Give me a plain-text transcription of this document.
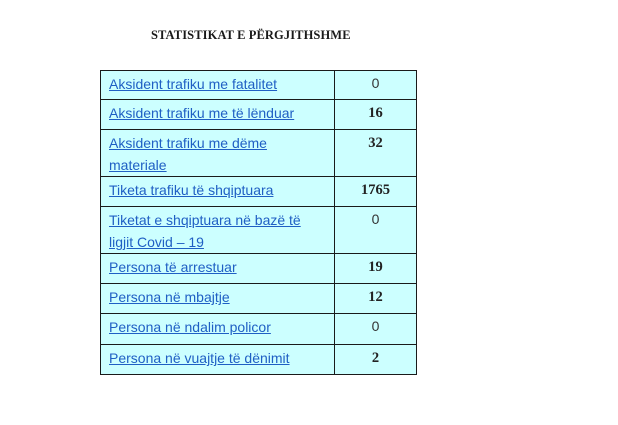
STATISTIKAT E PËRGJITHSHME
Aksident trafiku me fatalitet	0
Aksident trafiku me të lënduar	16
Aksident trafiku me dëme materiale	32
Tiketa trafiku të shqiptuara	1765
Tiketat e shqiptuara në bazë të ligjit Covid – 19	0
Persona të arrestuar	19
Persona në mbajtje	12
Persona në ndalim policor	0
Persona në vuajtje të dënimit	2
